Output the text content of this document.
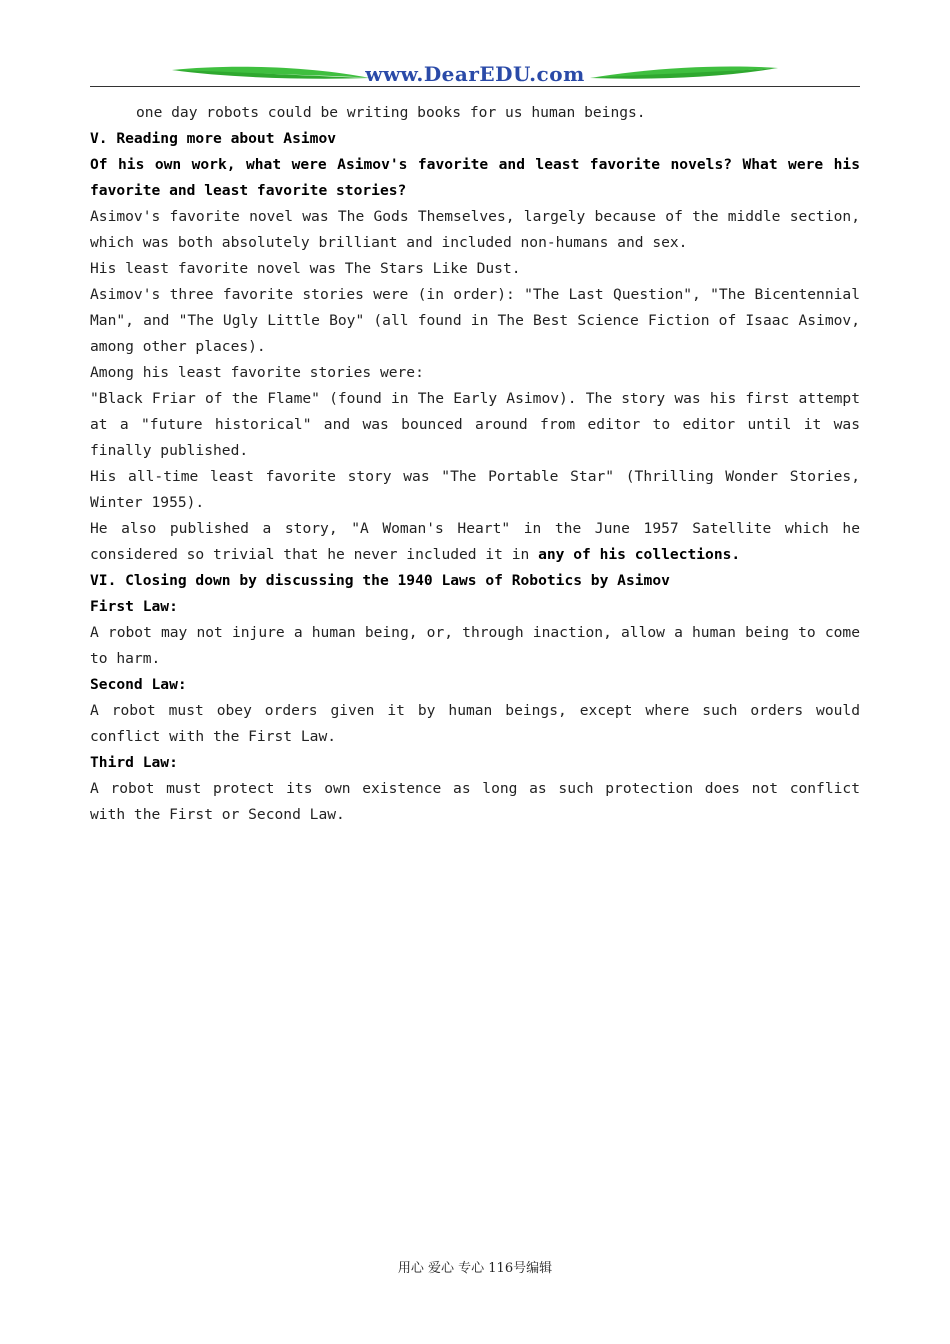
www.DearEDU.com

one day robots could be writing books for us human beings.

V. Reading more about Asimov

Of his own work, what were Asimov's favorite and least favorite novels? What were his favorite and least favorite stories?

Asimov's favorite novel was The Gods Themselves, largely because of the middle section, which was both absolutely brilliant and included non-humans and sex.

His least favorite novel was The Stars Like Dust.

Asimov's three favorite stories were (in order): "The Last Question", "The Bicentennial Man", and "The Ugly Little Boy" (all found in The Best Science Fiction of Isaac Asimov, among other places).

Among his least favorite stories were:

"Black Friar of the Flame" (found in The Early Asimov). The story was his first attempt at a "future historical" and was bounced around from editor to editor until it was finally published.

His all-time least favorite story was "The Portable Star" (Thrilling Wonder Stories, Winter 1955).

He also published a story, "A Woman's Heart" in the June 1957 Satellite which he considered so trivial that he never included it in any of his collections.

VI. Closing down by discussing the 1940 Laws of Robotics by Asimov

First Law:

A robot may not injure a human being, or, through inaction, allow a human being to come to harm.

Second Law:

A robot must obey orders given it by human beings, except where such orders would conflict with the First Law.

Third Law:

A robot must protect its own existence as long as such protection does not conflict with the First or Second Law.

用心 爱心 专心 116号编辑
